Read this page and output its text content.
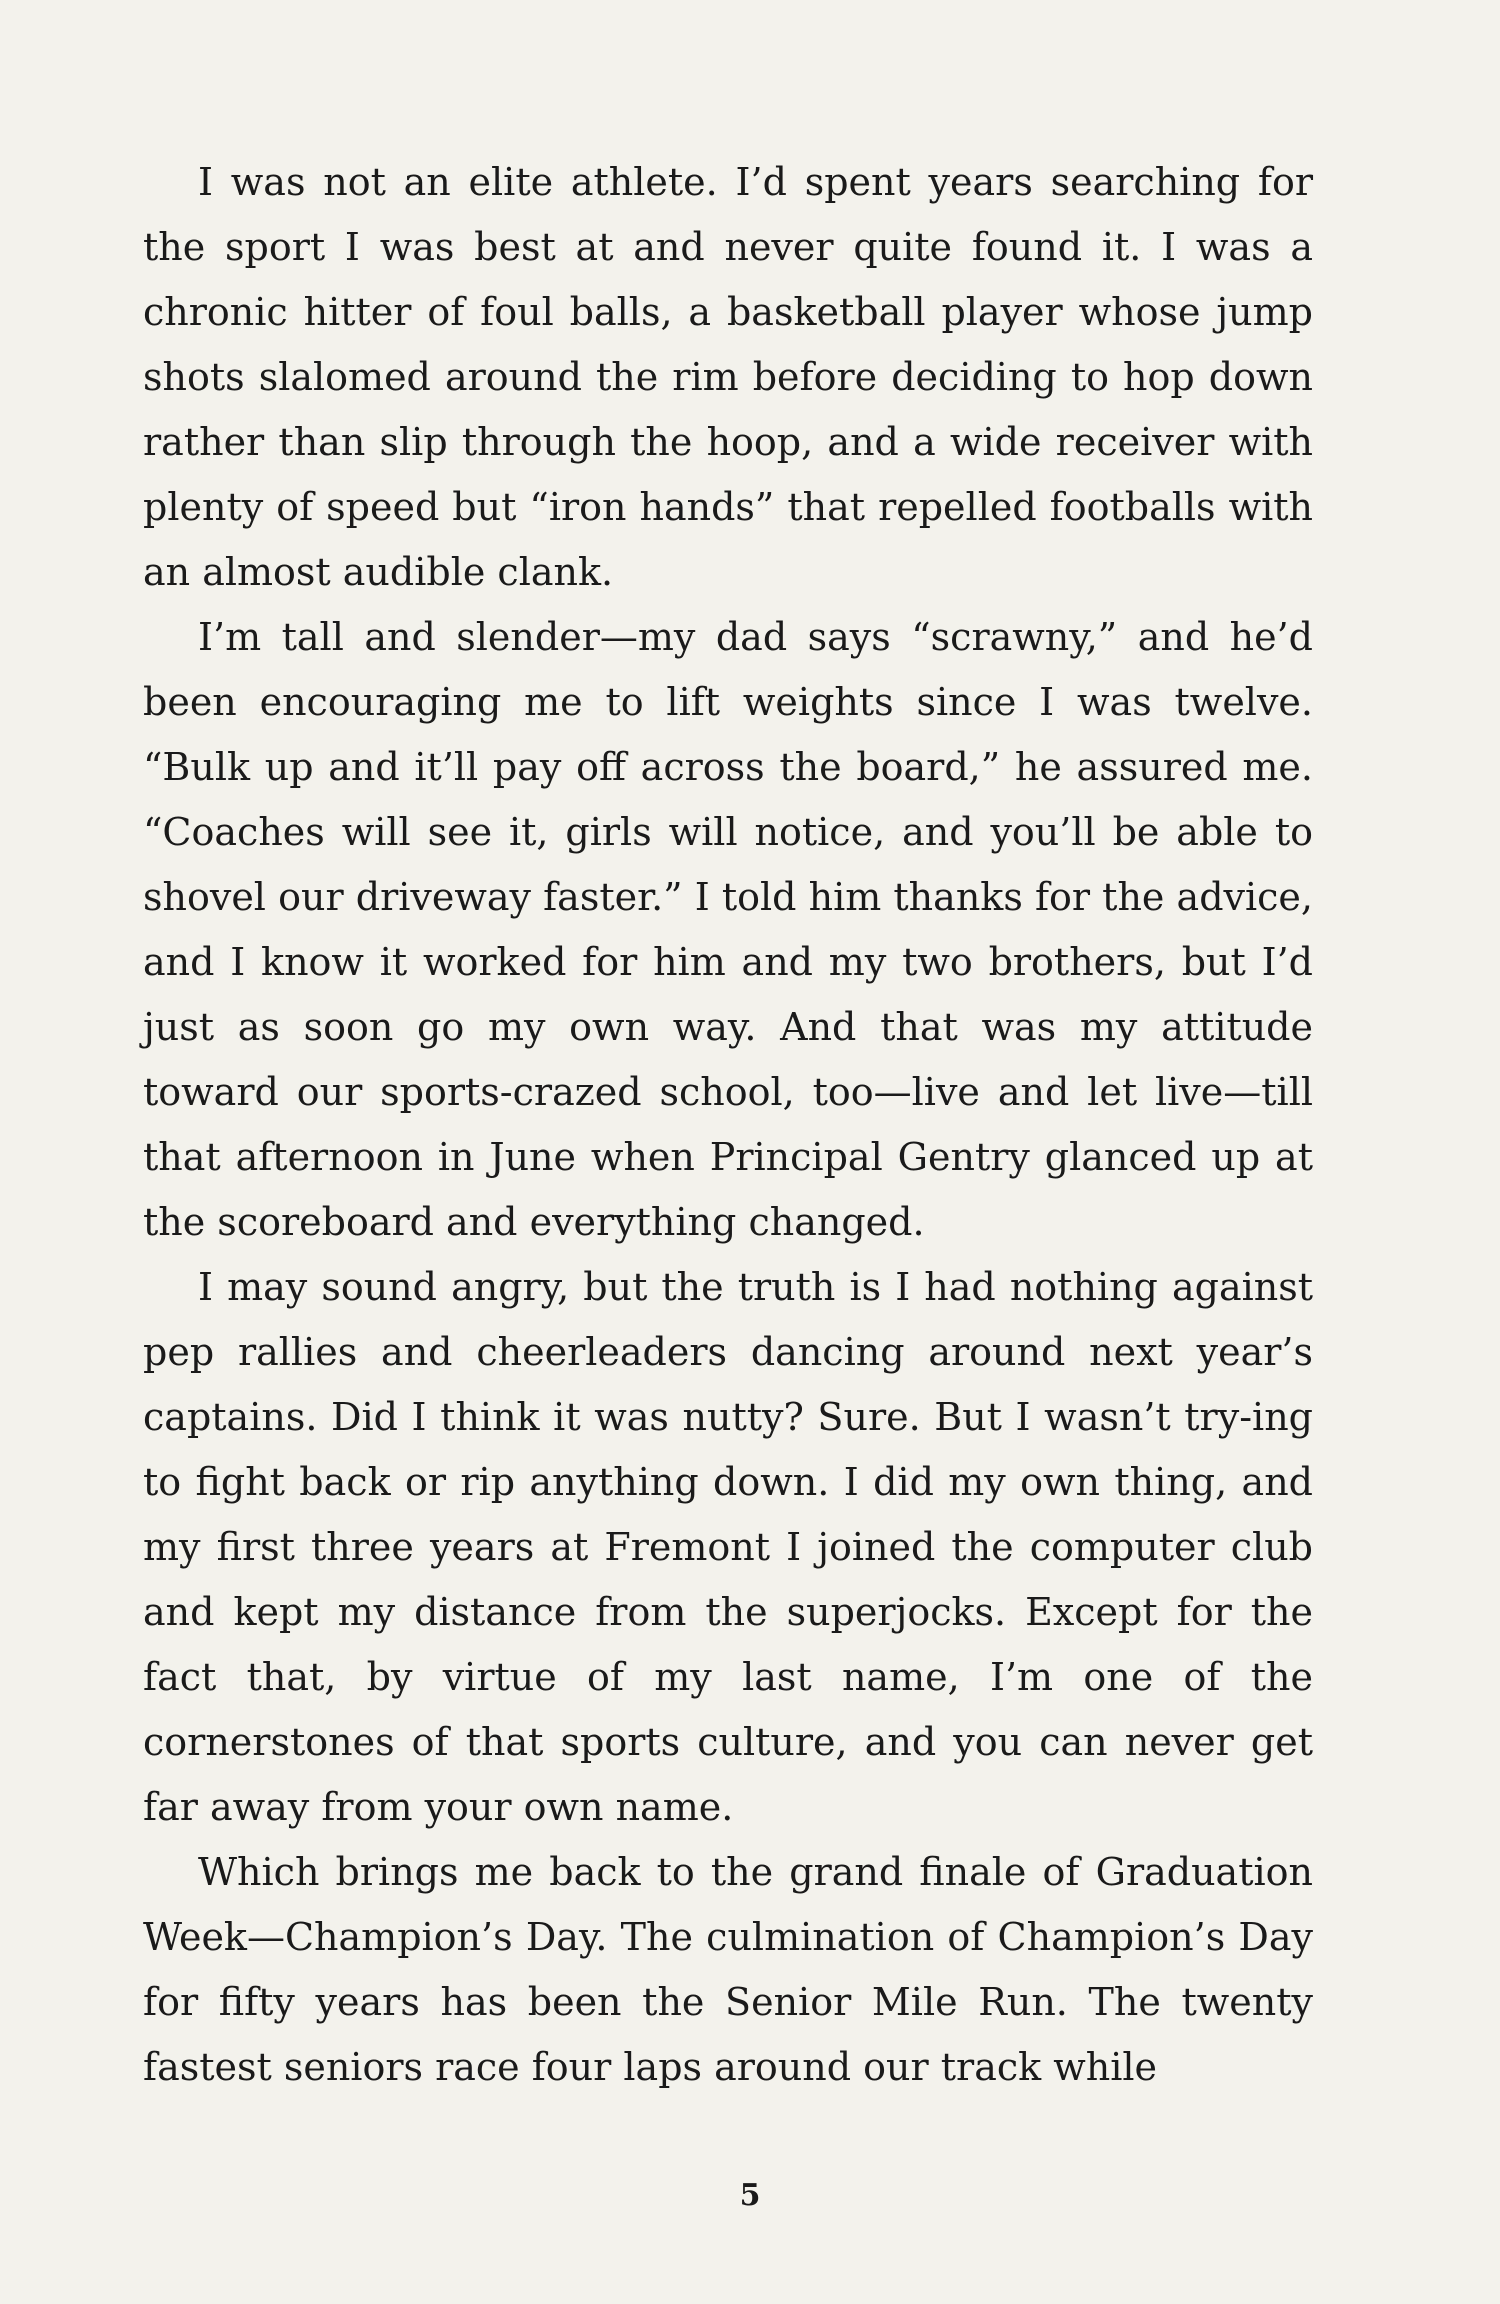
I was not an elite athlete. I’d spent years searching for the sport I was best at and never quite found it. I was a chronic hitter of foul balls, a basketball player whose jump shots slalomed around the rim before deciding to hop down rather than slip through the hoop, and a wide receiver with plenty of speed but “iron hands” that repelled footballs with an almost audible clank.

I’m tall and slender—my dad says “scrawny,” and he’d been encouraging me to lift weights since I was twelve. “Bulk up and it’ll pay off across the board,” he assured me. “Coaches will see it, girls will notice, and you’ll be able to shovel our driveway faster.” I told him thanks for the advice, and I know it worked for him and my two brothers, but I’d just as soon go my own way. And that was my attitude toward our sports-crazed school, too—live and let live—till that afternoon in June when Principal Gentry glanced up at the scoreboard and everything changed.

I may sound angry, but the truth is I had nothing against pep rallies and cheerleaders dancing around next year’s captains. Did I think it was nutty? Sure. But I wasn’t try-ing to fight back or rip anything down. I did my own thing, and my first three years at Fremont I joined the computer club and kept my distance from the superjocks. Except for the fact that, by virtue of my last name, I’m one of the cornerstones of that sports culture, and you can never get far away from your own name.

Which brings me back to the grand finale of Graduation Week—Champion’s Day. The culmination of Champion’s Day for fifty years has been the Senior Mile Run. The twenty fastest seniors race four laps around our track while

5
